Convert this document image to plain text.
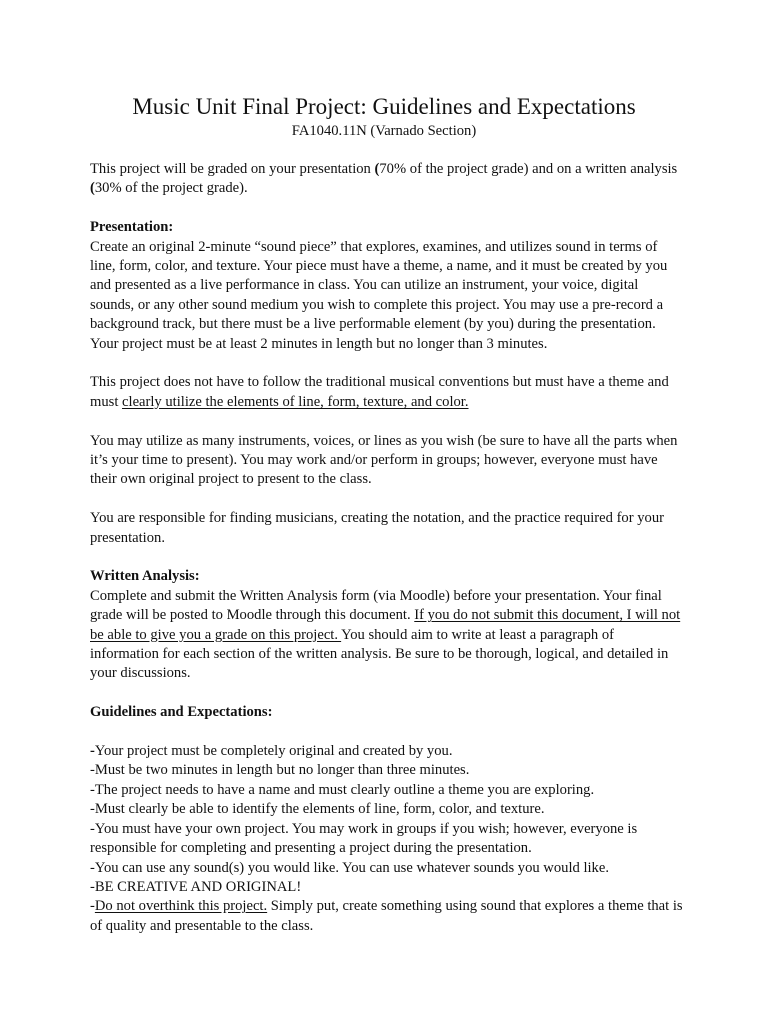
Music Unit Final Project: Guidelines and Expectations
FA1040.11N (Varnado Section)

This project will be graded on your presentation (70% of the project grade) and on a written analysis (30% of the project grade).

Presentation:

Create an original 2-minute “sound piece” that explores, examines, and utilizes sound in terms of line, form, color, and texture. Your piece must have a theme, a name, and it must be created by you and presented as a live performance in class. You can utilize an instrument, your voice, digital sounds, or any other sound medium you wish to complete this project. You may use a pre-record a background track, but there must be a live performable element (by you) during the presentation. Your project must be at least 2 minutes in length but no longer than 3 minutes.

This project does not have to follow the traditional musical conventions but must have a theme and must clearly utilize the elements of line, form, texture, and color.

You may utilize as many instruments, voices, or lines as you wish (be sure to have all the parts when it’s your time to present). You may work and/or perform in groups; however, everyone must have their own original project to present to the class.

You are responsible for finding musicians, creating the notation, and the practice required for your presentation.

Written Analysis:

Complete and submit the Written Analysis form (via Moodle) before your presentation. Your final grade will be posted to Moodle through this document. If you do not submit this document, I will not be able to give you a grade on this project. You should aim to write at least a paragraph of information for each section of the written analysis. Be sure to be thorough, logical, and detailed in your discussions.

Guidelines and Expectations:

-Your project must be completely original and created by you.

-Must be two minutes in length but no longer than three minutes.

-The project needs to have a name and must clearly outline a theme you are exploring.

-Must clearly be able to identify the elements of line, form, color, and texture.

-You must have your own project. You may work in groups if you wish; however, everyone is responsible for completing and presenting a project during the presentation.

-You can use any sound(s) you would like. You can use whatever sounds you would like.

-BE CREATIVE AND ORIGINAL!

-Do not overthink this project. Simply put, create something using sound that explores a theme that is of quality and presentable to the class.
